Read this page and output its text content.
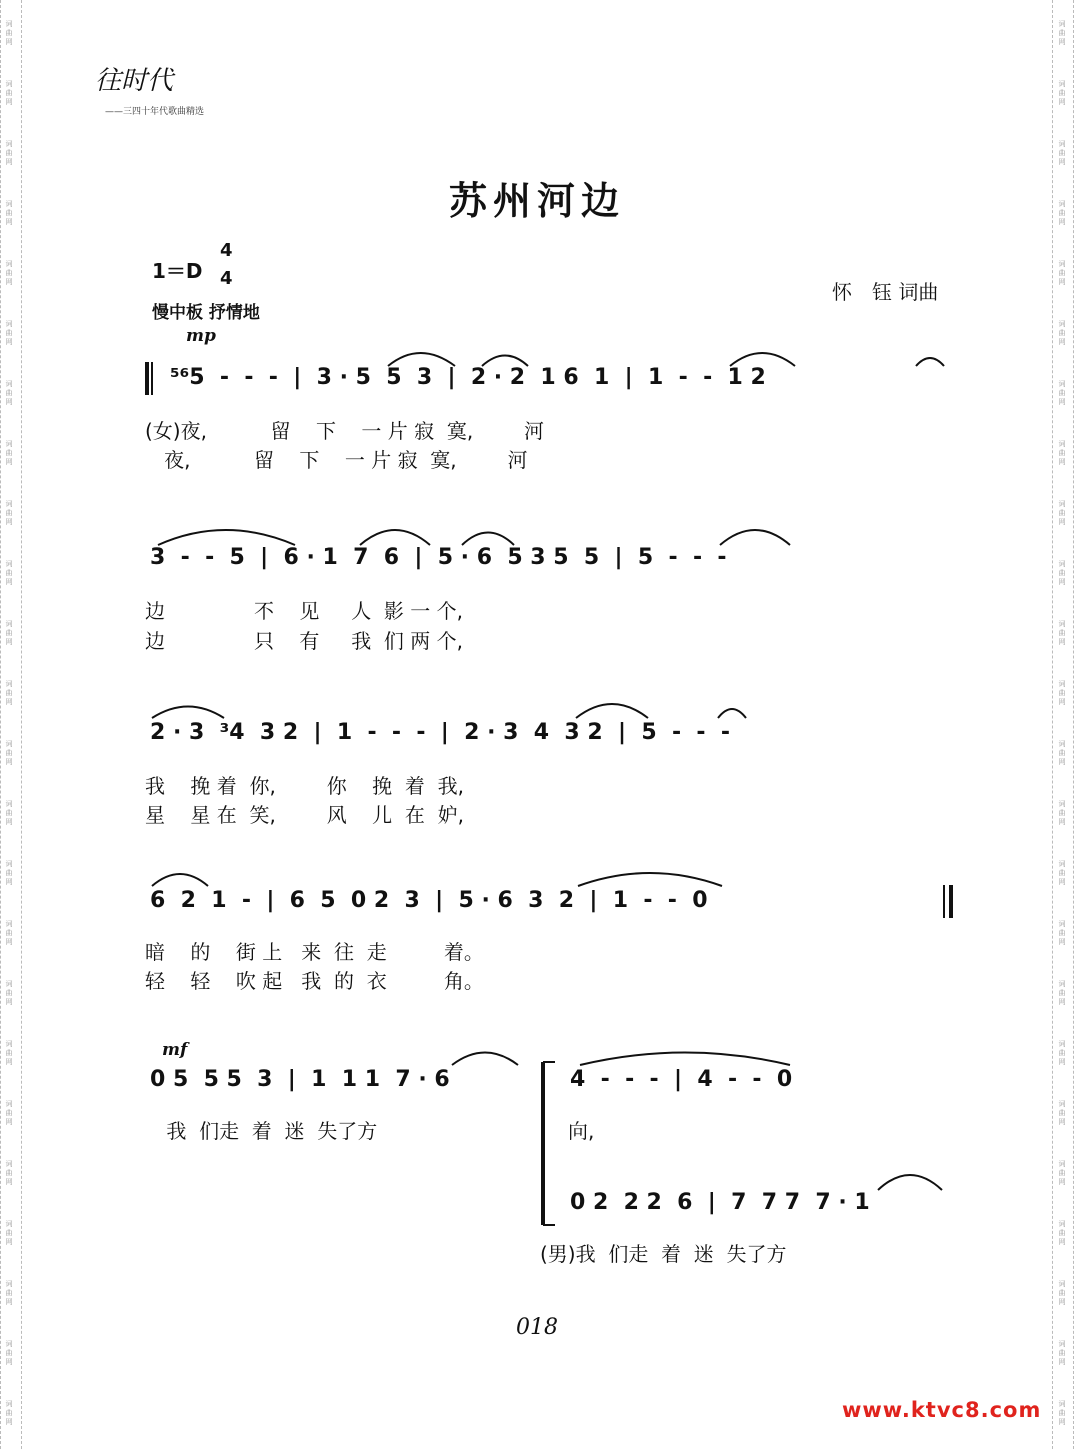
词曲网
词曲网
词曲网
词曲网
词曲网
词曲网
词曲网
词曲网
词曲网
词曲网
词曲网
词曲网
词曲网
词曲网
词曲网
词曲网
词曲网
词曲网
词曲网
词曲网
词曲网
词曲网
词曲网
词曲网
词曲网
词曲网
词曲网
词曲网
词曲网
词曲网
词曲网
词曲网
词曲网
词曲网
词曲网
词曲网
词曲网
词曲网
词曲网
词曲网
词曲网
词曲网
词曲网
词曲网
词曲网
词曲网
词曲网
词曲网
往时代
——三四十年代歌曲精选
苏州河边
1＝D
4
4
慢中板 抒情地
怀　钰 词曲
mp
mf
⁵⁶5  -  -  -  |  3 · 5  5  3  |  2 · 2  1 6  1  |  1  -  -  1 2
(女)夜,          留    下    一 片 寂  寞,        河
夜,          留    下    一 片 寂  寞,        河
3  -  -  5  |  6 · 1  7  6  |  5 · 6  5 3 5  5  |  5  -  -  -
边              不    见     人  影 一 个,
边              只    有     我  们 两 个,
2 · 3  ³4  3 2  |  1  -  -  -  |  2 · 3  4  3 2  |  5  -  -  -
我    挽 着  你,        你    挽  着  我,
星    星 在  笑,        风    儿  在  妒,
6  2  1  -  |  6  5  0 2  3  |  5 · 6  3  2  |  1  -  -  0
暗    的    街 上   来  往  走         着。
轻    轻    吹 起   我  的  衣         角。
0 5  5 5  3  |  1  1 1  7 · 6
我  们走  着  迷  失了方
4  -  -  -  |  4  -  -  0
向,
0 2  2 2  6  |  7  7 7  7 · 1
(男)我  们走  着  迷  失了方
018
www.ktvc8.com
